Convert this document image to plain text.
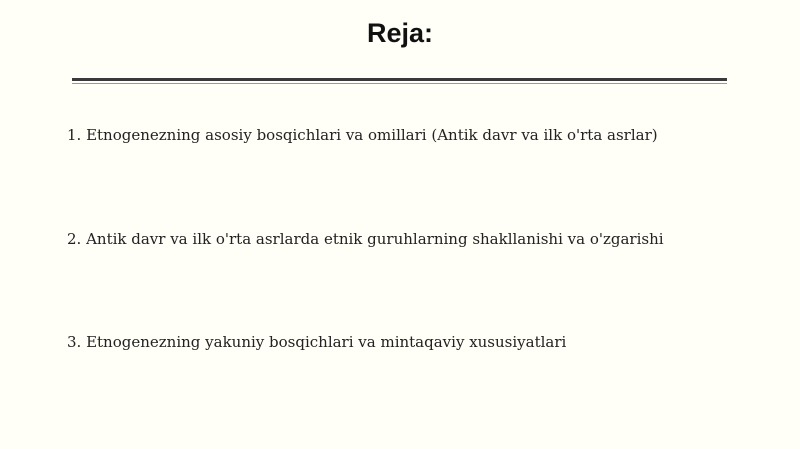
Reja:
1. Etnogenezning asosiy bosqichlari va omillari (Antik davr va ilk o'rta asrlar)
2. Antik davr va ilk o'rta asrlarda etnik guruhlarning shakllanishi va o'zgarishi
3. Etnogenezning yakuniy bosqichlari va mintaqaviy xususiyatlari
